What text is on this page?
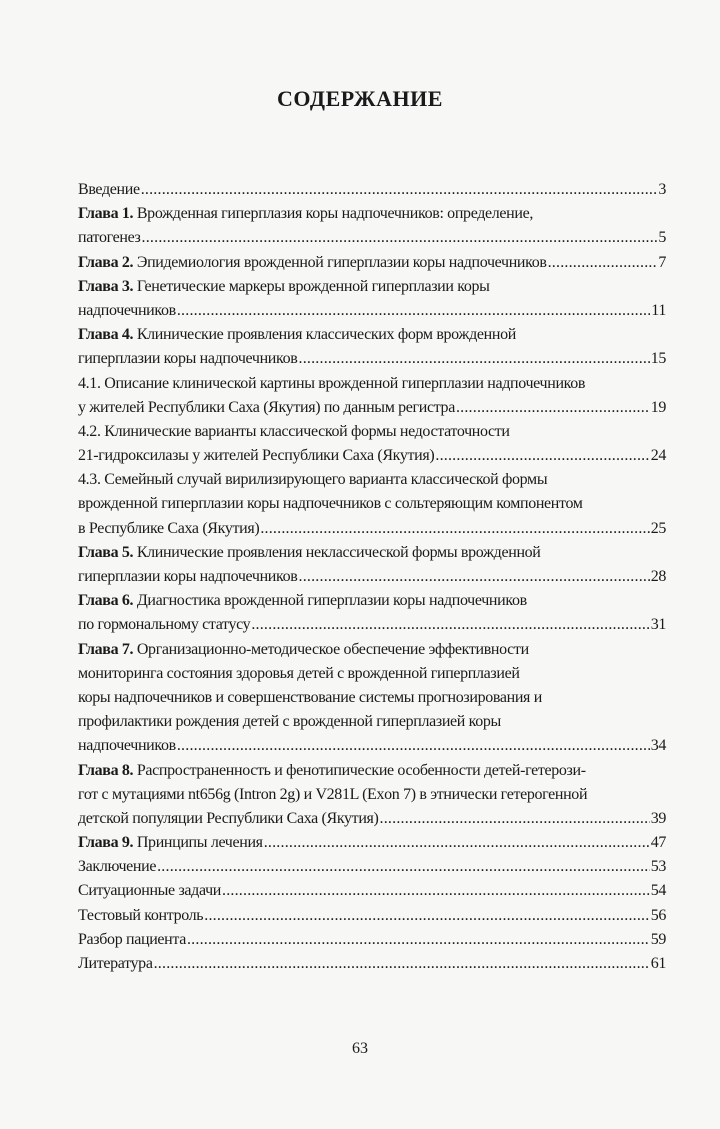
СОДЕРЖАНИЕ
Введение .....	3
Глава 1. Врожденная гиперплазия коры надпочечников: определение,
патогенез .....	5
Глава 2. Эпидемиология врожденной гиперплазии коры надпочечников .....	7
Глава 3. Генетические маркеры врожденной гиперплазии коры
надпочечников .....	11
Глава 4. Клинические проявления классических форм врожденной
гиперплазии коры надпочечников .....	15
4.1. Описание клинической картины врожденной гиперплазии надпочечников
у жителей Республики Саха (Якутия) по данным регистра .....	19
4.2. Клинические варианты классической формы недостаточности
21-гидроксилазы у жителей Республики Саха (Якутия) .....	24
4.3. Семейный случай вирилизирующего варианта классической формы
врожденной гиперплазии коры надпочечников с сольтеряющим компонентом
в Республике Саха (Якутия) .....	25
Глава 5. Клинические проявления неклассической формы врожденной
гиперплазии коры надпочечников .....	28
Глава 6. Диагностика врожденной гиперплазии коры надпочечников
по гормональному статусу .....	31
Глава 7. Организационно-методическое обеспечение эффективности
мониторинга состояния здоровья детей с врожденной гиперплазией
коры надпочечников и совершенствование системы прогнозирования и
профилактики рождения детей с врожденной гиперплазией коры
надпочечников .....	34
Глава 8. Распространенность и фенотипические особенности детей-гетерози-
гот с мутациями nt656g (Intron 2g) и V281L (Exon 7) в этнически гетерогенной
детской популяции Республики Саха (Якутия) .....	39
Глава 9. Принципы лечения .....	47
Заключение .....	53
Ситуационные задачи .....	54
Тестовый контроль .....	56
Разбор пациента .....	59
Литература .....	61
63
